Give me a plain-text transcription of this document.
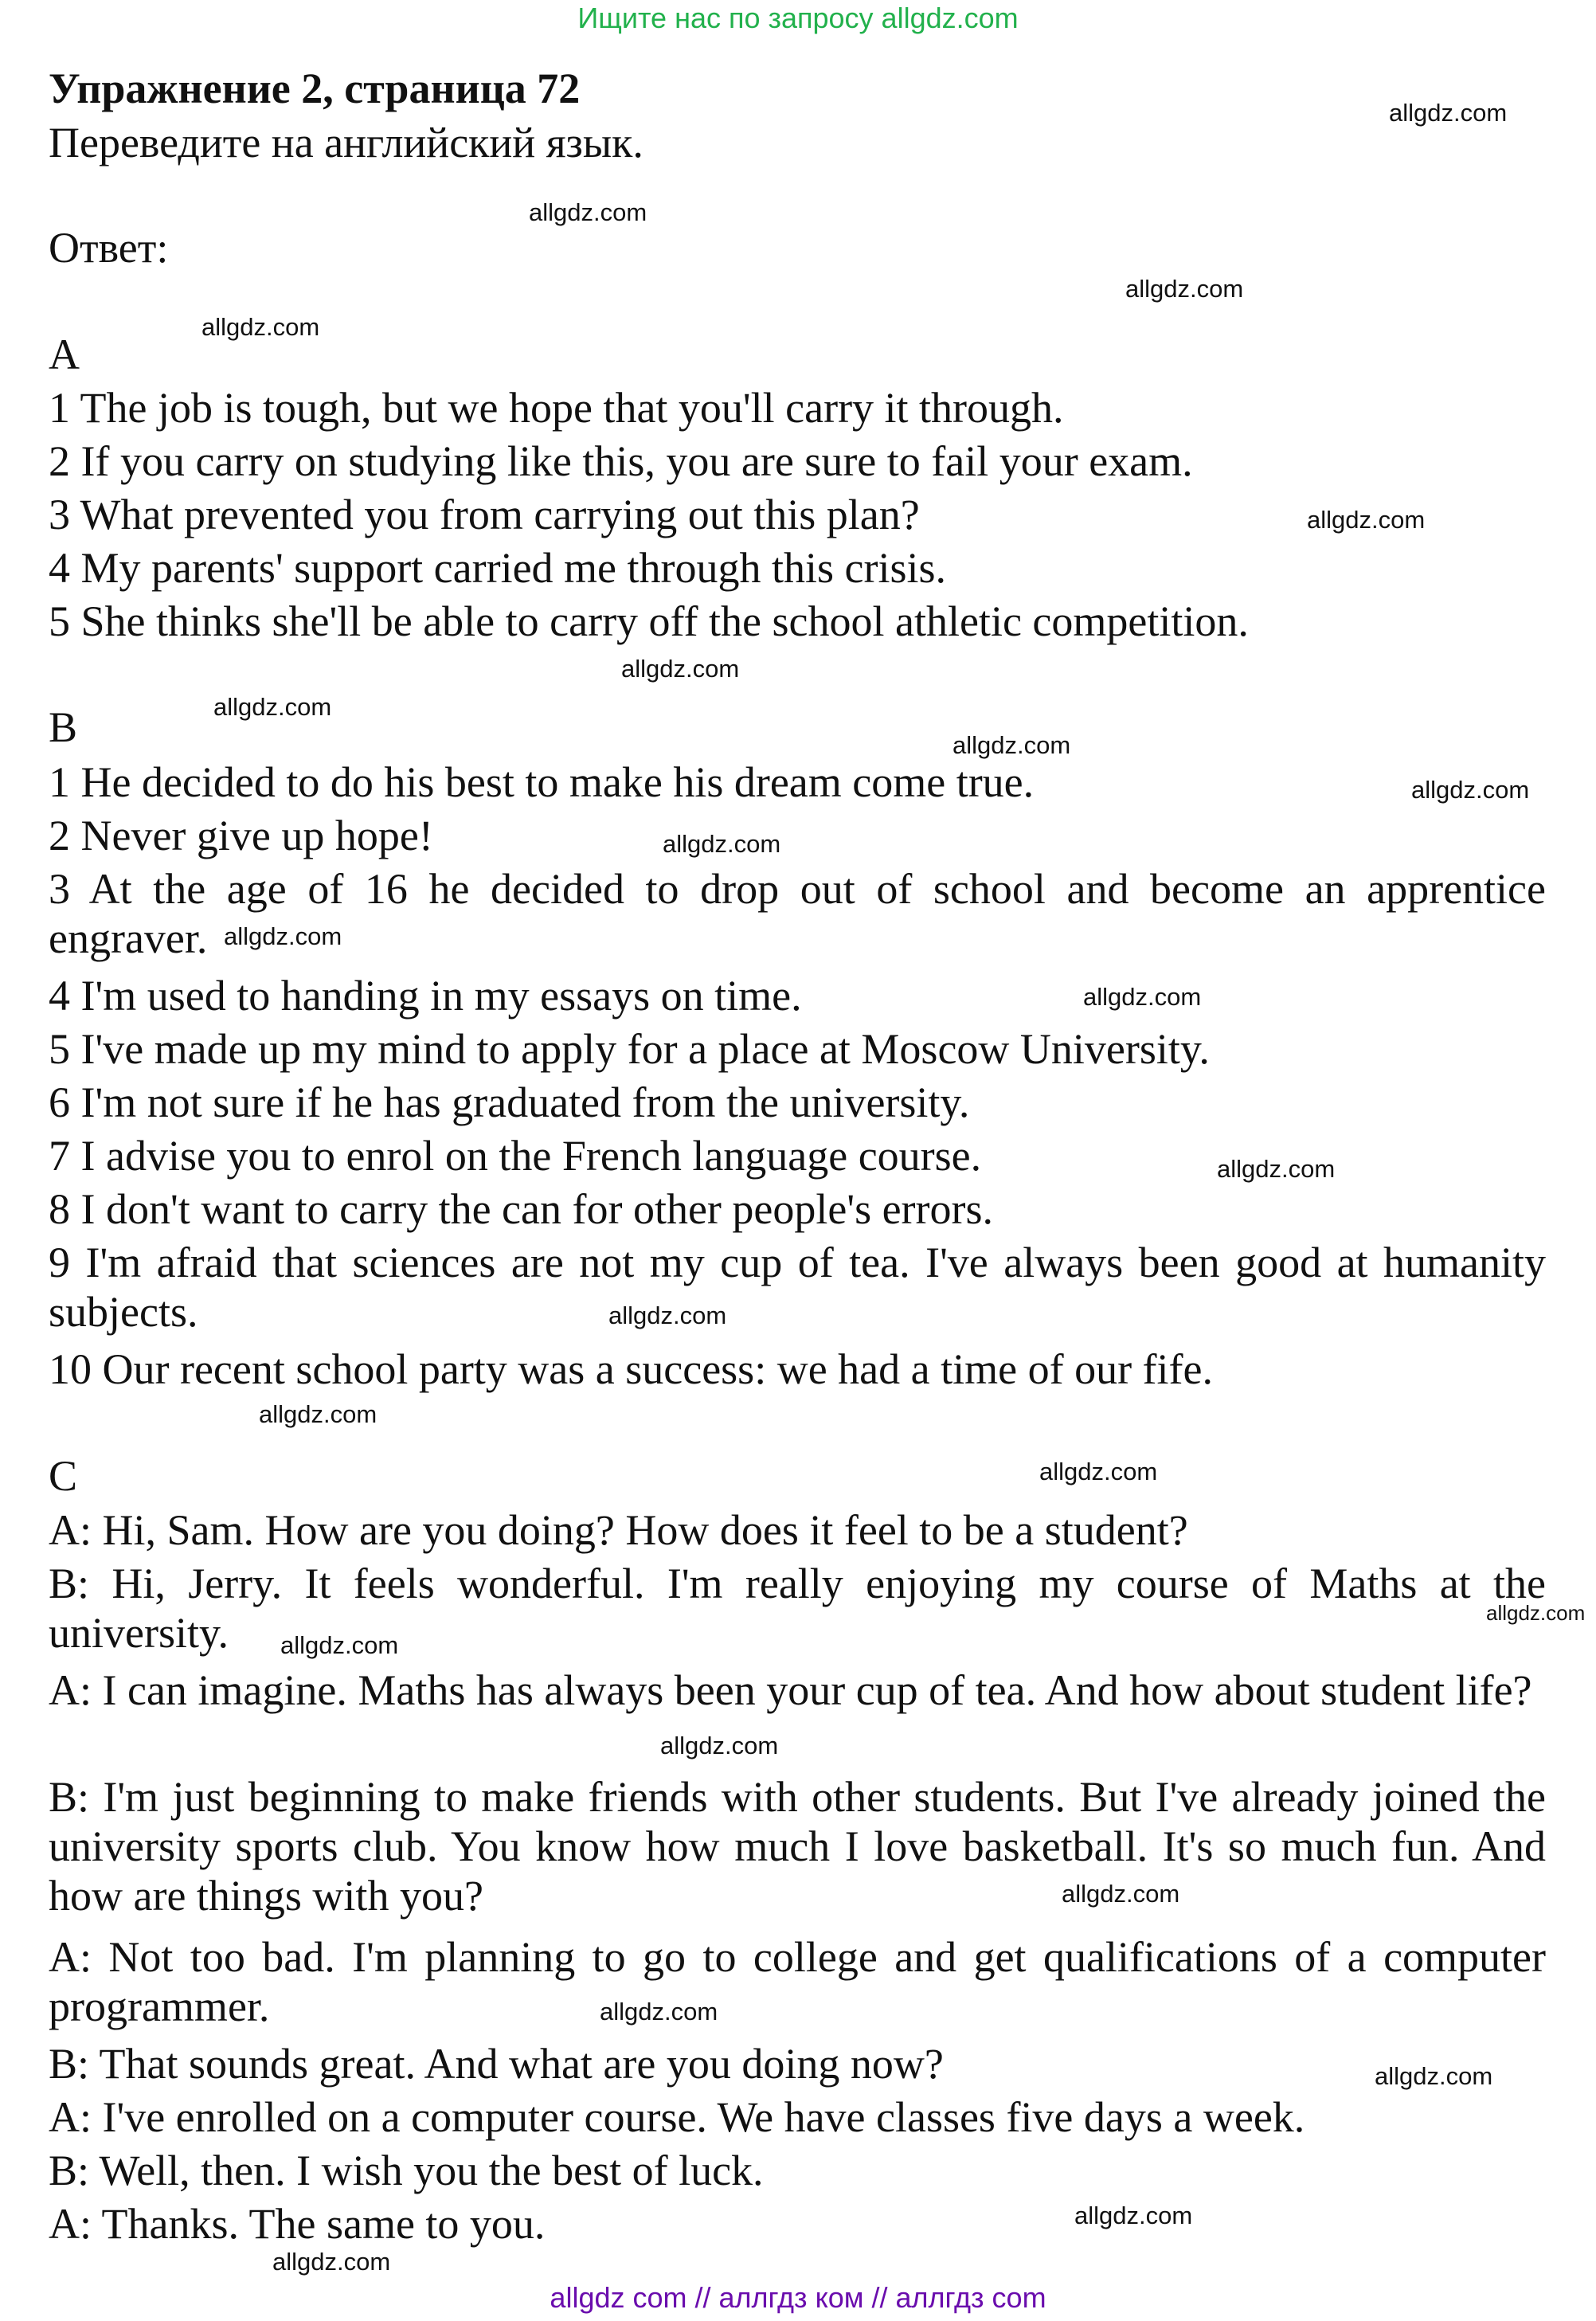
Ищите нас по запросу allgdz.com
Упражнение 2, страница 72
Переведите на английский язык.
Ответ:
A
1 The job is tough, but we hope that you'll carry it through.
2 If you carry on studying like this, you are sure to fail your exam.
3 What prevented you from carrying out this plan?
4 My parents' support carried me through this crisis.
5 She thinks she'll be able to carry off the school athletic competition.
B
1 He decided to do his best to make his dream come true.
2 Never give up hope!
3 At the age of 16 he decided to drop out of school and become an apprentice engraver.
4 I'm used to handing in my essays on time.
5 I've made up my mind to apply for a place at Moscow University.
6 I'm not sure if he has graduated from the university.
7 I advise you to enrol on the French language course.
8 I don't want to carry the can for other people's errors.
9 I'm afraid that sciences are not my cup of tea. I've always been good at humanity subjects.
10 Our recent school party was a success: we had a time of our fife.
C
A: Hi, Sam. How are you doing? How does it feel to be a student?
B: Hi, Jerry. It feels wonderful. I'm really enjoying my course of Maths at the university.
A: I can imagine. Maths has always been your cup of tea. And how about student life?
B: I'm just beginning to make friends with other students. But I've already joined the university sports club. You know how much I love basketball. It's so much fun. And how are things with you?
A: Not too bad. I'm planning to go to college and get qualifications of a computer programmer.
B: That sounds great. And what are you doing now?
A: I've enrolled on a computer course. We have classes five days a week.
B: Well, then. I wish you the best of luck.
A: Thanks. The same to you.
allgdz.com
allgdz.com
allgdz.com
allgdz.com
allgdz.com
allgdz.com
allgdz.com
allgdz.com
allgdz.com
allgdz.com
allgdz.com
allgdz.com
allgdz.com
allgdz.com
allgdz.com
allgdz.com
allgdz.com
allgdz.com
allgdz.com
allgdz.com
allgdz.com
allgdz.com
allgdz.com
allgdz.com
allgdz com // аллгдз ком // аллгдз com
